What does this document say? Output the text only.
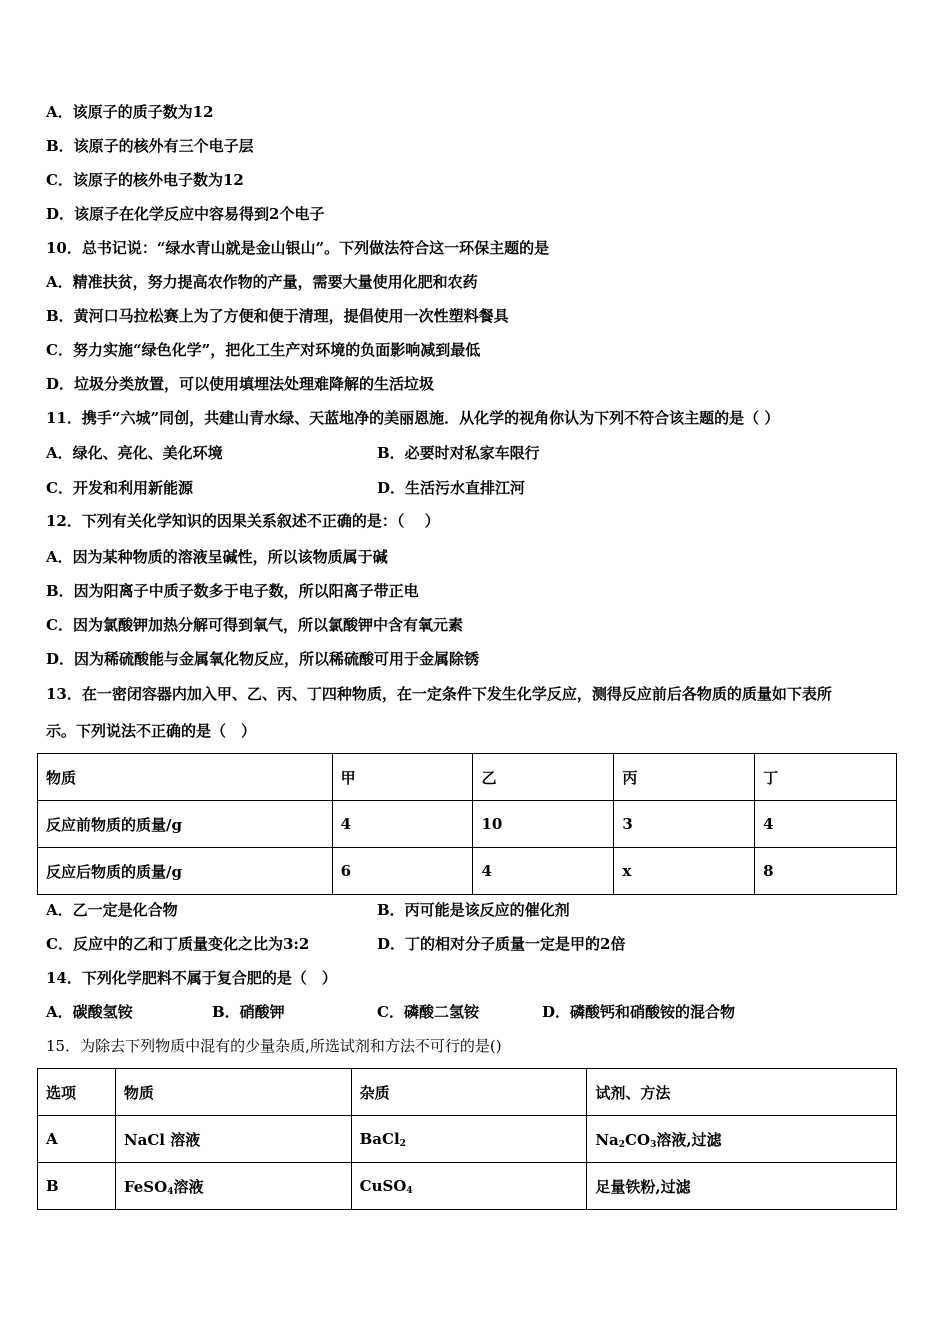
A．该原子的质子数为12
B．该原子的核外有三个电子层
C．该原子的核外电子数为12
D．该原子在化学反应中容易得到2个电子
10．总书记说：“绿水青山就是金山银山”。下列做法符合这一环保主题的是
A．精准扶贫，努力提高农作物的产量，需要大量使用化肥和农药
B．黄河口马拉松赛上为了方便和便于清理，提倡使用一次性塑料餐具
C．努力实施“绿色化学”，把化工生产对环境的负面影响减到最低
D．垃圾分类放置，可以使用填埋法处理难降解的生活垃圾
11．携手“六城”同创，共建山青水绿、天蓝地净的美丽恩施．从化学的视角你认为下列不符合该主题的是（ ）
A．绿化、亮化、美化环境	B．必要时对私家车限行
C．开发和利用新能源	D．生活污水直排江河
12．下列有关化学知识的因果关系叙述不正确的是：（　 ）
A．因为某种物质的溶液呈碱性，所以该物质属于碱
B．因为阳离子中质子数多于电子数，所以阳离子带正电
C．因为氯酸钾加热分解可得到氧气，所以氯酸钾中含有氧元素
D．因为稀硫酸能与金属氧化物反应，所以稀硫酸可用于金属除锈
13．在一密闭容器内加入甲、乙、丙、丁四种物质，在一定条件下发生化学反应，测得反应前后各物质的质量如下表所
示。下列说法不正确的是（　）
物质	甲	乙	丙	丁
反应前物质的质量/g	4	10	3	4
反应后物质的质量/g	6	4	x	8
A．乙一定是化合物	B．丙可能是该反应的催化剂
C．反应中的乙和丁质量变化之比为3:2	D．丁的相对分子质量一定是甲的2倍
14．下列化学肥料不属于复合肥的是（　）
A．碳酸氢铵	B．硝酸钾	C．磷酸二氢铵	D．磷酸钙和硝酸铵的混合物
15．为除去下列物质中混有的少量杂质,所选试剂和方法不可行的是()
选项	物质	杂质	试剂、方法
A	NaCl 溶液	BaCl$_2$	$Na_2CO_3$溶液,过滤
B	FeSO$_4$溶液	CuSO$_4$	足量铁粉,过滤
